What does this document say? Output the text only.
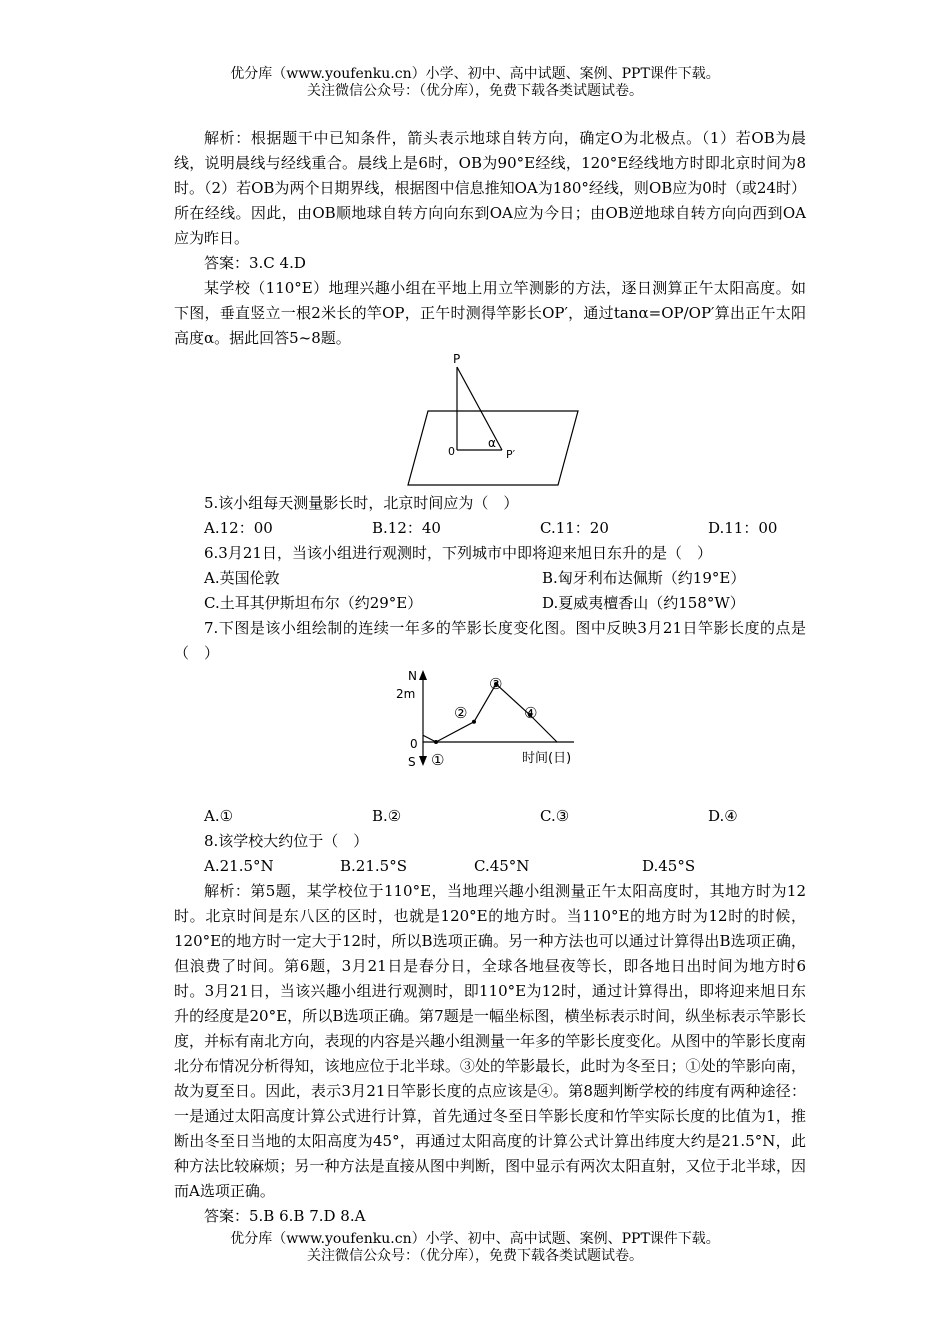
优分库（www.youfenku.cn）小学、初中、高中试题、案例、PPT课件下载。
关注微信公众号：（优分库），免费下载各类试题试卷。

解析：根据题干中已知条件，箭头表示地球自转方向，确定O为北极点。（1）若OB为晨线，说明晨线与经线重合。晨线上是6时，OB为90°E经线，120°E经线地方时即北京时间为8时。（2）若OB为两个日期界线，根据图中信息推知OA为180°经线，则OB应为0时（或24时）所在经线。因此，由OB顺地球自转方向向东到OA应为今日；由OB逆地球自转方向向西到OA应为昨日。

答案：3.C 4.D

某学校（110°E）地理兴趣小组在平地上用立竿测影的方法，逐日测算正午太阳高度。如下图，垂直竖立一根2米长的竿OP，正午时测得竿影长OP′，通过tanα=OP/OP′算出正午太阳高度α。据此回答5~8题。

P
0
α
P′

5.该小组每天测量影长时，北京时间应为（　）

A.12：00	B.12：40	C.11：20	D.11：00

6.3月21日，当该小组进行观测时，下列城市中即将迎来旭日东升的是（　）

A.英国伦敦	B.匈牙利布达佩斯（约19°E）
C.土耳其伊斯坦布尔（约29°E）	D.夏威夷檀香山（约158°W）

7.下图是该小组绘制的连续一年多的竿影长度变化图。图中反映3月21日竿影长度的点是（　）

N
2m
0
S	时间(日)
①
②
③
④
A.①	B.②	C.③	D.④

8.该学校大约位于（　）

A.21.5°N	B.21.5°S	C.45°N	D.45°S

解析：第5题，某学校位于110°E，当地理兴趣小组测量正午太阳高度时，其地方时为12时。北京时间是东八区的区时，也就是120°E的地方时。当110°E的地方时为12时的时候，120°E的地方时一定大于12时，所以B选项正确。另一种方法也可以通过计算得出B选项正确，但浪费了时间。第6题，3月21日是春分日，全球各地昼夜等长，即各地日出时间为地方时6时。3月21日，当该兴趣小组进行观测时，即110°E为12时，通过计算得出，即将迎来旭日东升的经度是20°E，所以B选项正确。第7题是一幅坐标图，横坐标表示时间，纵坐标表示竿影长度，并标有南北方向，表现的内容是兴趣小组测量一年多的竿影长度变化。从图中的竿影长度南北分布情况分析得知，该地应位于北半球。③处的竿影最长，此时为冬至日；①处的竿影向南，故为夏至日。因此，表示3月21日竿影长度的点应该是④。第8题判断学校的纬度有两种途径：一是通过太阳高度计算公式进行计算，首先通过冬至日竿影长度和竹竿实际长度的比值为1，推断出冬至日当地的太阳高度为45°，再通过太阳高度的计算公式计算出纬度大约是21.5°N，此种方法比较麻烦；另一种方法是直接从图中判断，图中显示有两次太阳直射，又位于北半球，因而A选项正确。

答案：5.B 6.B 7.D 8.A

优分库（www.youfenku.cn）小学、初中、高中试题、案例、PPT课件下载。
关注微信公众号：（优分库），免费下载各类试题试卷。
